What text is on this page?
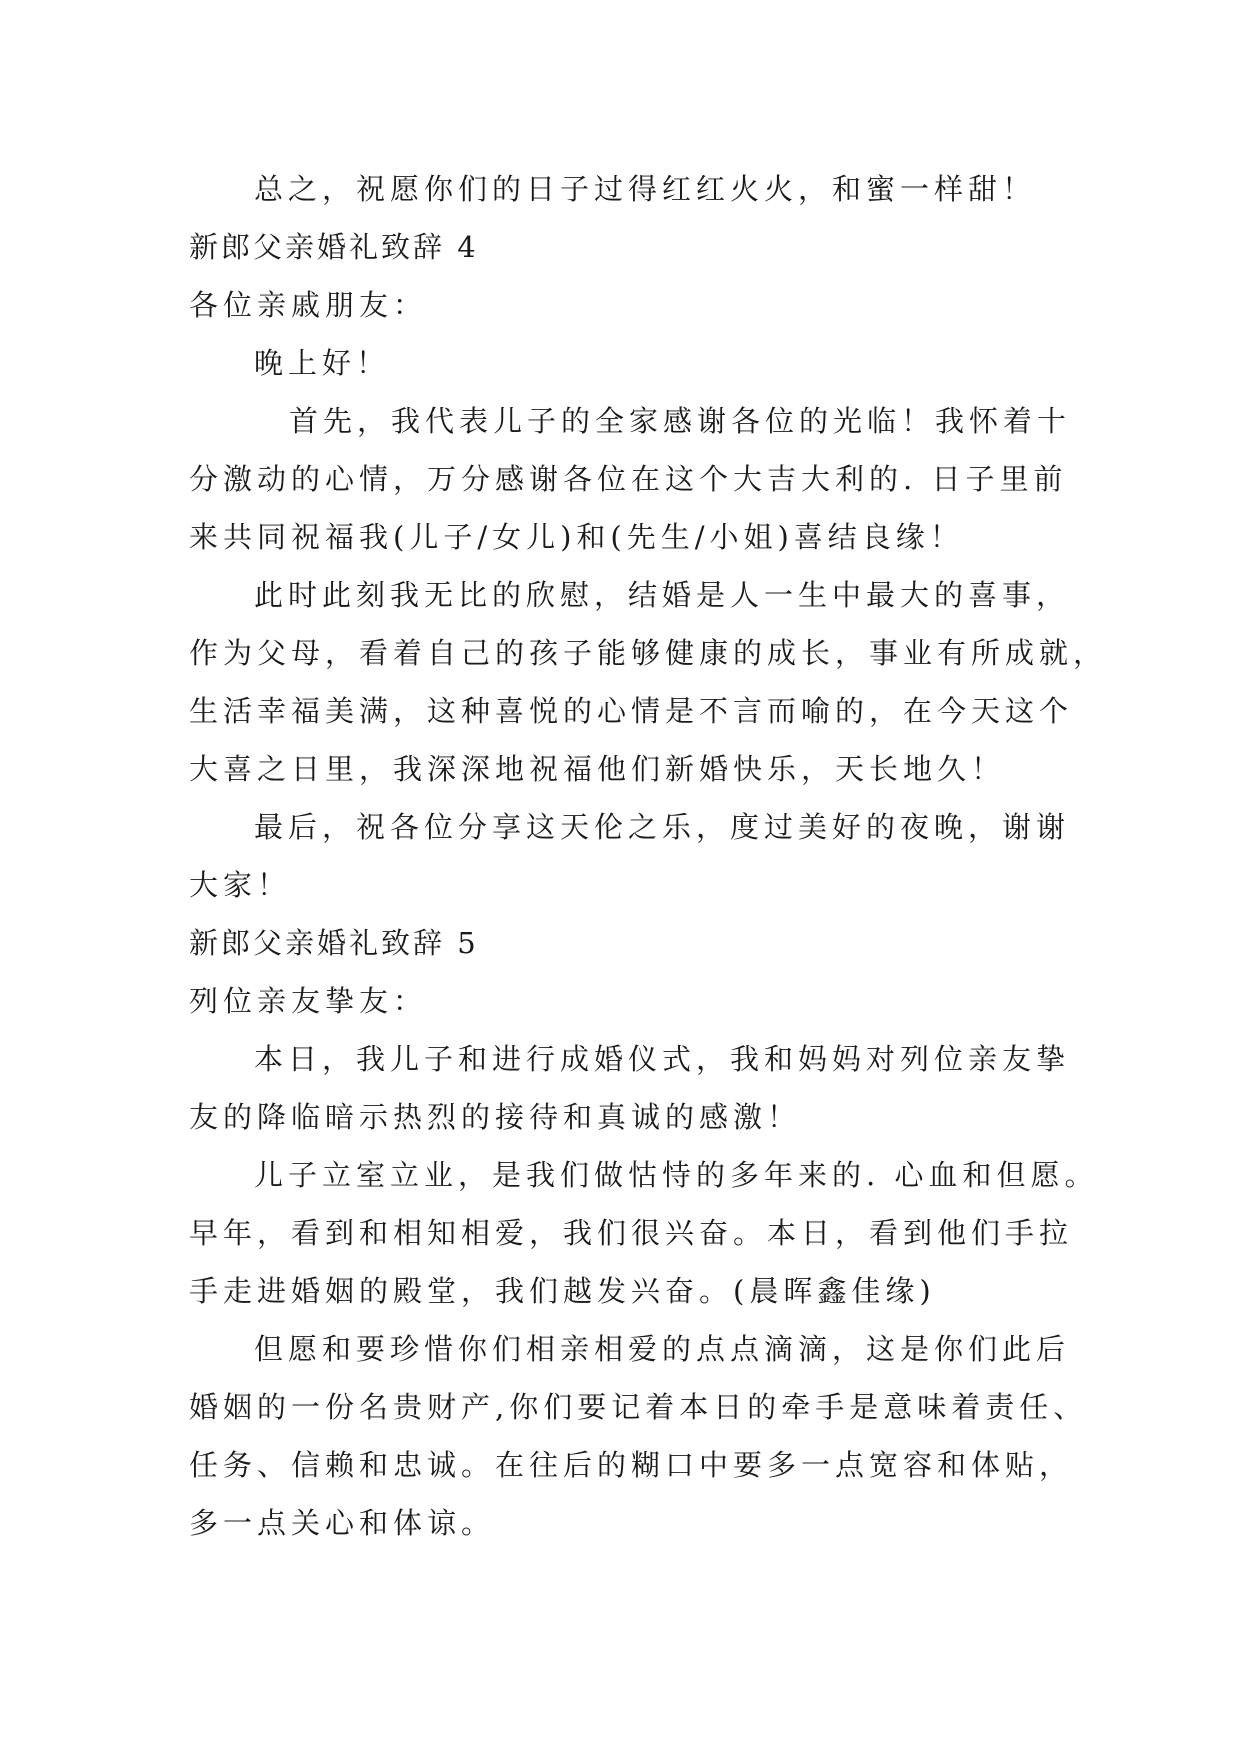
总之，祝愿你们的日子过得红红火火，和蜜一样甜！
新郎父亲婚礼致辞 4
各位亲戚朋友：
晚上好！
首先，我代表儿子的全家感谢各位的光临！我怀着十
分激动的心情，万分感谢各位在这个大吉大利的. 日子里前
来共同祝福我(儿子/女儿)和(先生/小姐)喜结良缘！
此时此刻我无比的欣慰，结婚是人一生中最大的喜事，
作为父母，看着自己的孩子能够健康的成长，事业有所成就，
生活幸福美满，这种喜悦的心情是不言而喻的，在今天这个
大喜之日里，我深深地祝福他们新婚快乐，天长地久！
最后，祝各位分享这天伦之乐，度过美好的夜晚，谢谢
大家！
新郎父亲婚礼致辞 5
列位亲友挚友：
本日，我儿子和进行成婚仪式，我和妈妈对列位亲友挚
友的降临暗示热烈的接待和真诚的感激！
儿子立室立业，是我们做怙恃的多年来的. 心血和但愿。
早年，看到和相知相爱，我们很兴奋。本日，看到他们手拉
手走进婚姻的殿堂，我们越发兴奋。(晨晖鑫佳缘)
但愿和要珍惜你们相亲相爱的点点滴滴，这是你们此后
婚姻的一份名贵财产,你们要记着本日的牵手是意味着责任、
任务、信赖和忠诚。在往后的糊口中要多一点宽容和体贴，
多一点关心和体谅。
